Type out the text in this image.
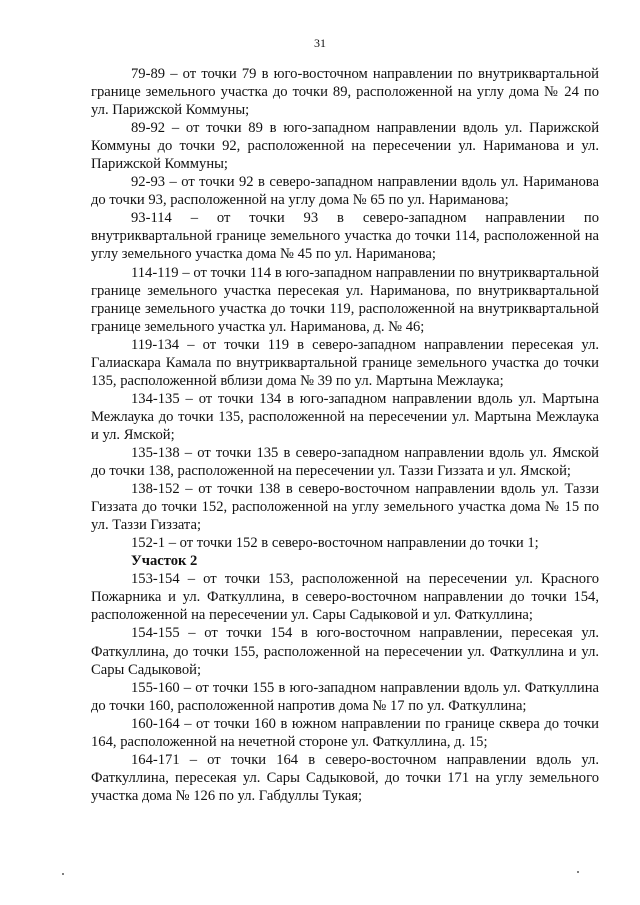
31

79-89 – от точки 79 в юго-восточном направлении по внутриквартальной границе земельного участка до точки 89, расположенной на углу дома № 24 по ул. Парижской Коммуны;

89-92 – от точки 89 в юго-западном направлении вдоль ул. Парижской Коммуны до точки 92, расположенной на пересечении ул. Нариманова и ул. Парижской Коммуны;

92-93 – от точки 92 в северо-западном направлении вдоль ул. Нариманова до точки 93, расположенной на углу дома № 65 по ул. Нариманова;

93-114 – от точки 93 в северо-западном направлении по внутриквартальной границе земельного участка до точки 114, расположенной на углу земельного участка дома № 45 по ул. Нариманова;

114-119 – от точки 114 в юго-западном направлении по внутриквартальной границе земельного участка пересекая ул. Нариманова, по внутриквартальной границе земельного участка до точки 119, расположенной на внутриквартальной границе земельного участка ул. Нариманова, д. № 46;

119-134 – от точки 119 в северо-западном направлении пересекая ул. Галиаскара Камала по внутриквартальной границе земельного участка до точки 135, расположенной вблизи дома № 39 по ул. Мартына Межлаука;

134-135 – от точки 134 в юго-западном направлении вдоль ул. Мартына Межлаука до точки 135, расположенной на пересечении ул. Мартына Межлаука и ул. Ямской;

135-138 – от точки 135 в северо-западном направлении вдоль ул. Ямской до точки 138, расположенной на пересечении ул. Таззи Гиззата и ул. Ямской;

138-152 – от точки 138 в северо-восточном направлении вдоль ул. Таззи Гиззата до точки 152, расположенной на углу земельного участка дома № 15 по ул. Таззи Гиззата;

152-1 – от точки 152 в северо-восточном направлении до точки 1;

Участок 2

153-154 – от точки 153, расположенной на пересечении ул. Красного Пожарника и ул. Фаткуллина, в северо-восточном направлении до точки 154, расположенной на пересечении ул. Сары Садыковой и ул. Фаткуллина;

154-155 – от точки 154 в юго-восточном направлении, пересекая ул. Фаткуллина, до точки 155, расположенной на пересечении ул. Фаткуллина и ул. Сары Садыковой;

155-160 – от точки 155 в юго-западном направлении вдоль ул. Фаткуллина до точки 160, расположенной напротив дома № 17 по ул. Фаткуллина;

160-164 – от точки 160 в южном направлении по границе сквера до точки 164, расположенной на нечетной стороне ул. Фаткуллина, д. 15;

164-171 – от точки 164 в северо-восточном направлении вдоль ул. Фаткуллина, пересекая ул. Сары Садыковой, до точки 171 на углу земельного участка дома № 126 по ул. Габдуллы Тукая;
